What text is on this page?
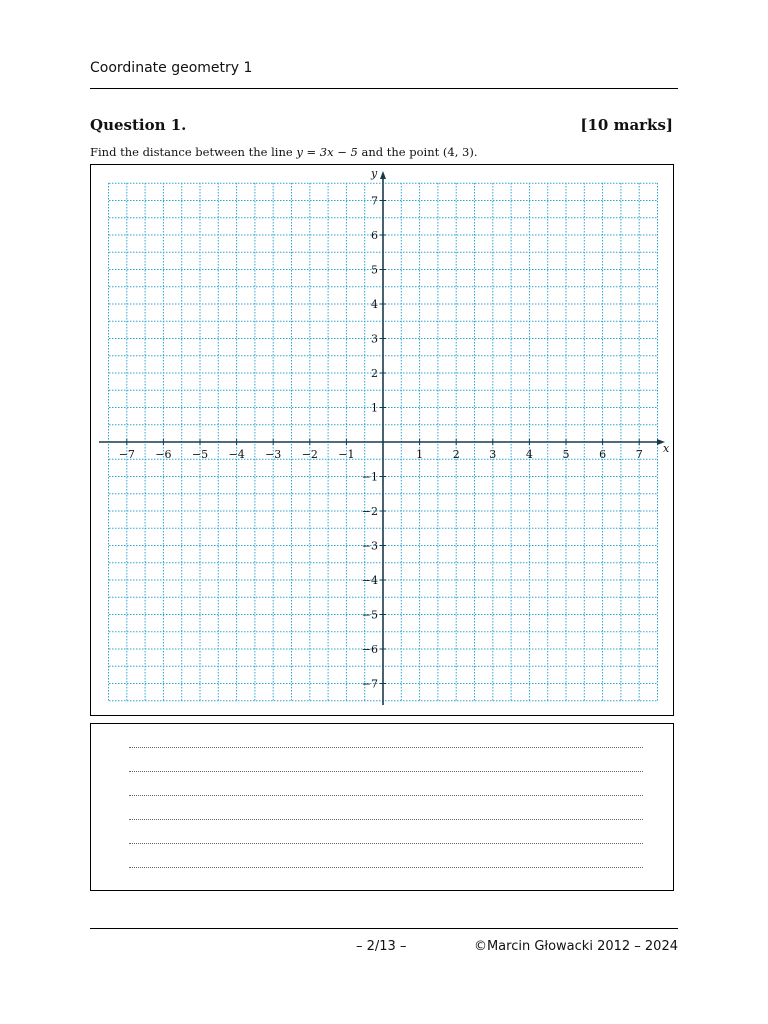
Coordinate geometry 1
Question 1.	[10 marks]
Find the distance between the line y = 3x − 5 and the point (4, 3).
x
y
−7 −6 −5 −4 −3 −2 −1	1	2	3	4	5	6	7
7
6
5
4
3
2
1
−1
−2
−3
−4
−5
−6
−7
– 2/13 –	©Marcin Głowacki 2012 – 2024
